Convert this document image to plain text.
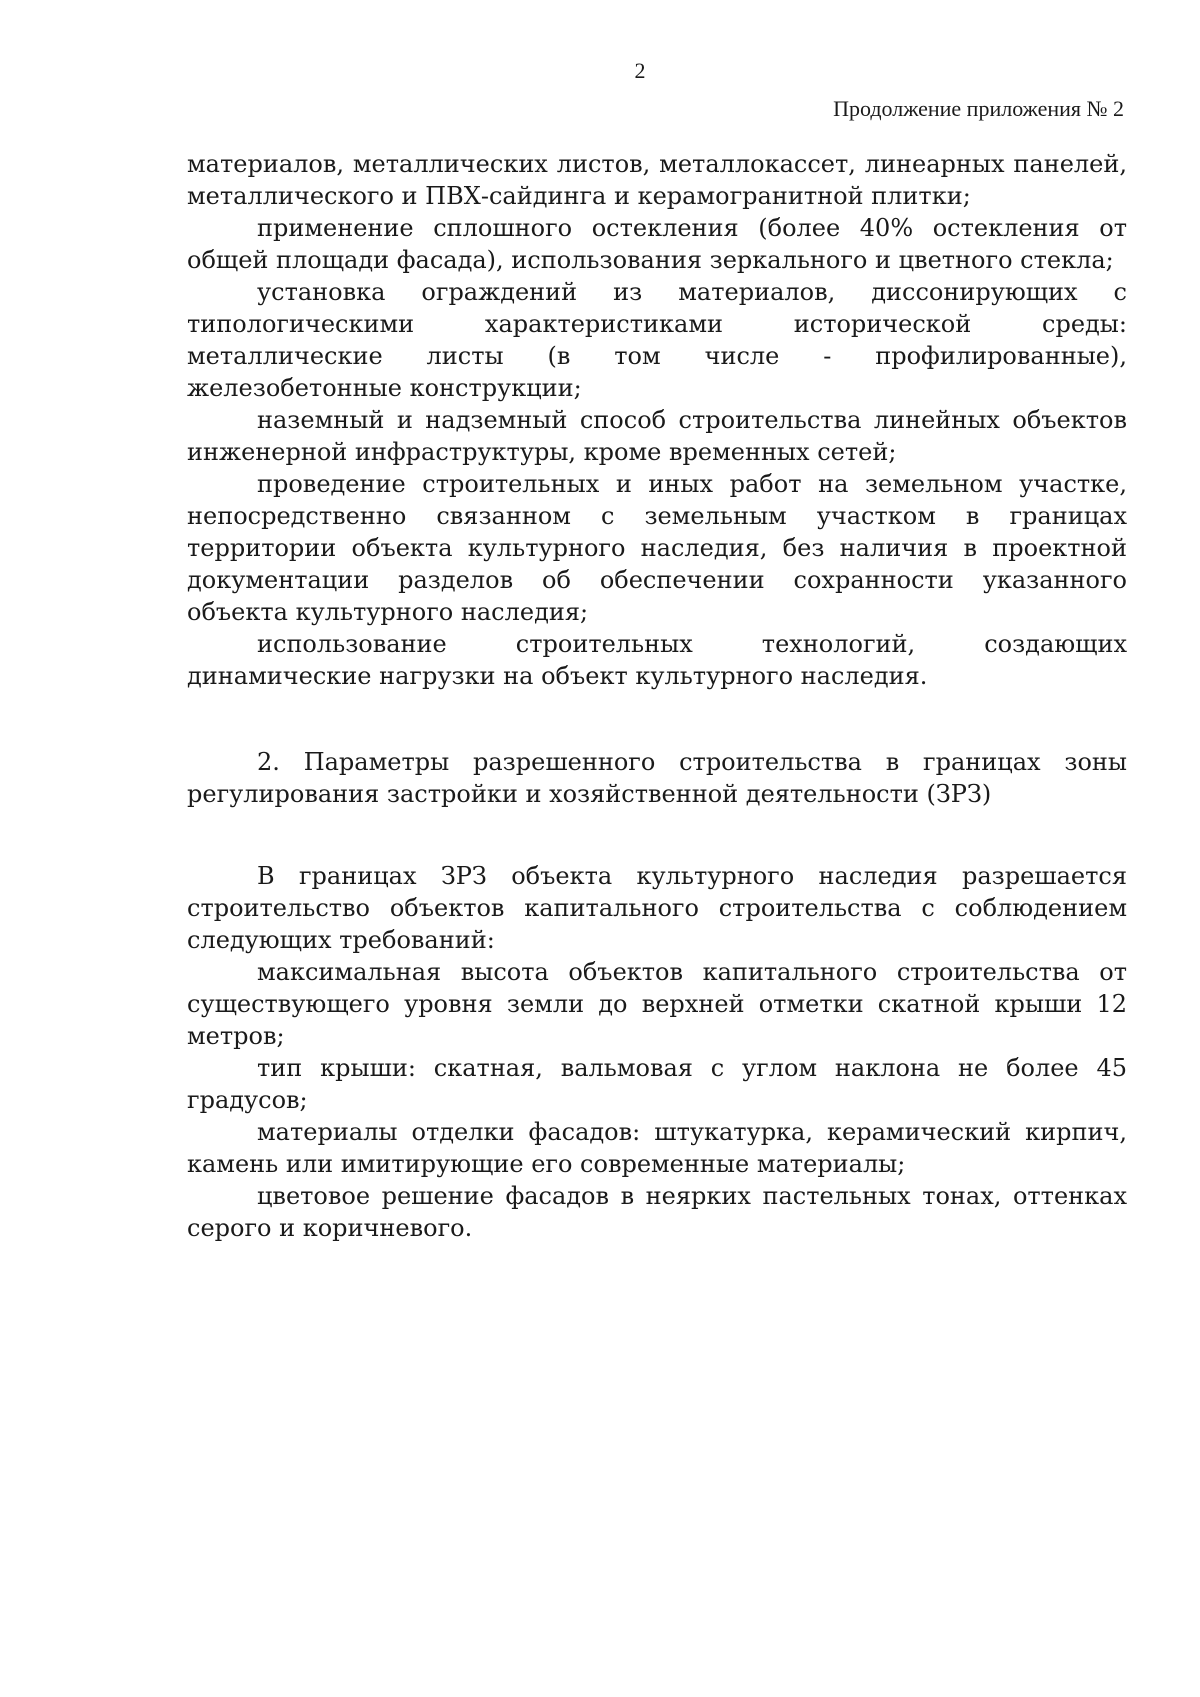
2
Продолжение приложения № 2

материалов, металлических листов, металлокассет, линеарных панелей, металлического и ПВХ-сайдинга и керамогранитной плитки;

применение сплошного остекления (более 40% остекления от общей площади фасада), использования зеркального и цветного стекла;

установка ограждений из материалов, диссонирующих с типологическими характеристиками исторической среды: металлические листы (в том числе - профилированные), железобетонные конструкции;

наземный и надземный способ строительства линейных объектов инженерной инфраструктуры, кроме временных сетей;

проведение строительных и иных работ на земельном участке, непосредственно связанном с земельным участком в границах территории объекта культурного наследия, без наличия в проектной документации разделов об обеспечении сохранности указанного объекта культурного наследия;

использование строительных технологий, создающих динамические нагрузки на объект культурного наследия.

2. Параметры разрешенного строительства в границах зоны регулирования застройки и хозяйственной деятельности (ЗРЗ)

В границах ЗРЗ объекта культурного наследия разрешается строительство объектов капитального строительства с соблюдением следующих требований:

максимальная высота объектов капитального строительства от существующего уровня земли до верхней отметки скатной крыши 12 метров;

тип крыши: скатная, вальмовая с углом наклона не более 45 градусов;

материалы отделки фасадов: штукатурка, керамический кирпич, камень или имитирующие его современные материалы;

цветовое решение фасадов в неярких пастельных тонах, оттенках серого и коричневого.
